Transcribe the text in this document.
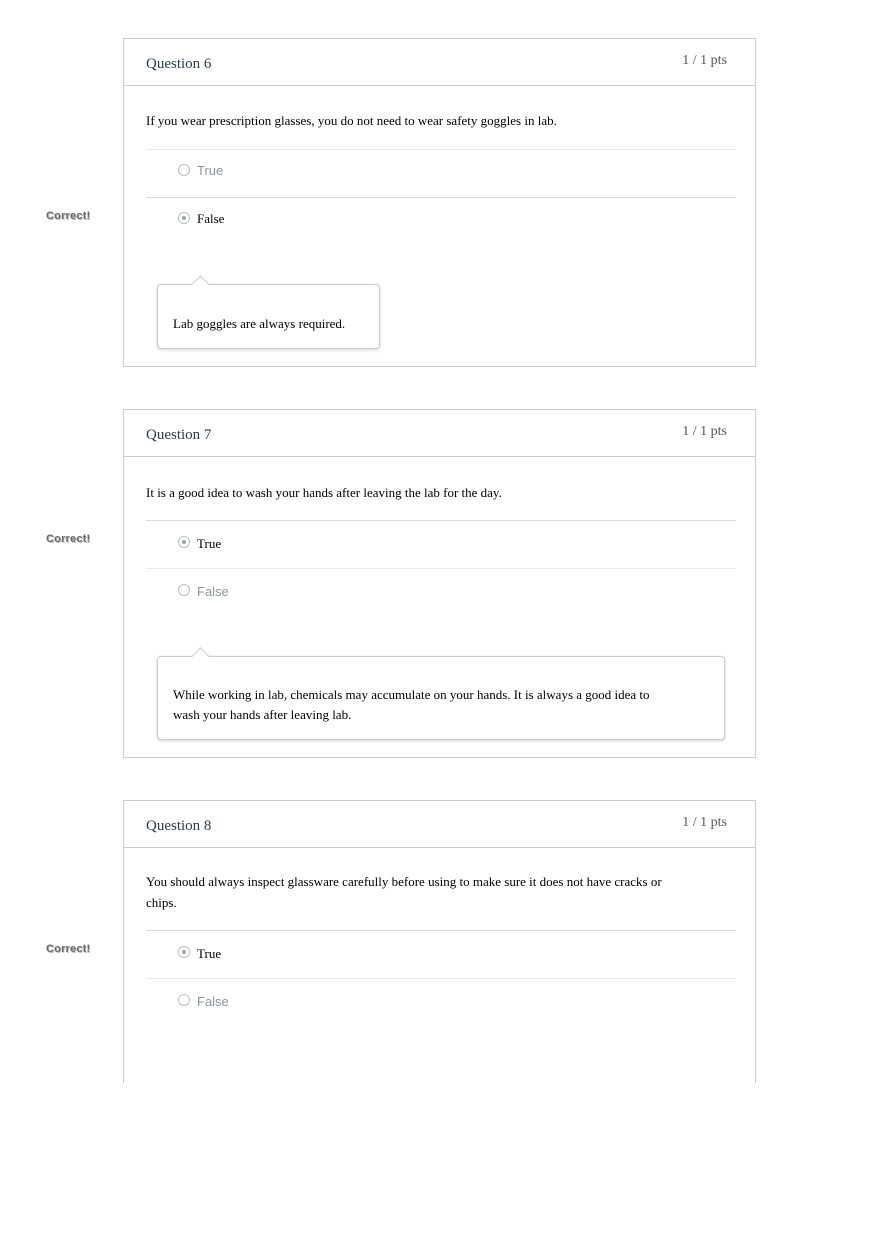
Question 6	1 / 1 pts
If you wear prescription glasses, you do not need to wear safety goggles in lab.
True
False
Lab goggles are always required.
Correct!
Question 7	1 / 1 pts
It is a good idea to wash your hands after leaving the lab for the day.
True
False
While working in lab, chemicals may accumulate on your hands. It is always a good idea to wash your hands after leaving lab.
Correct!
Question 8	1 / 1 pts
You should always inspect glassware carefully before using to make sure it does not have cracks or chips.
True
False
Correct!
